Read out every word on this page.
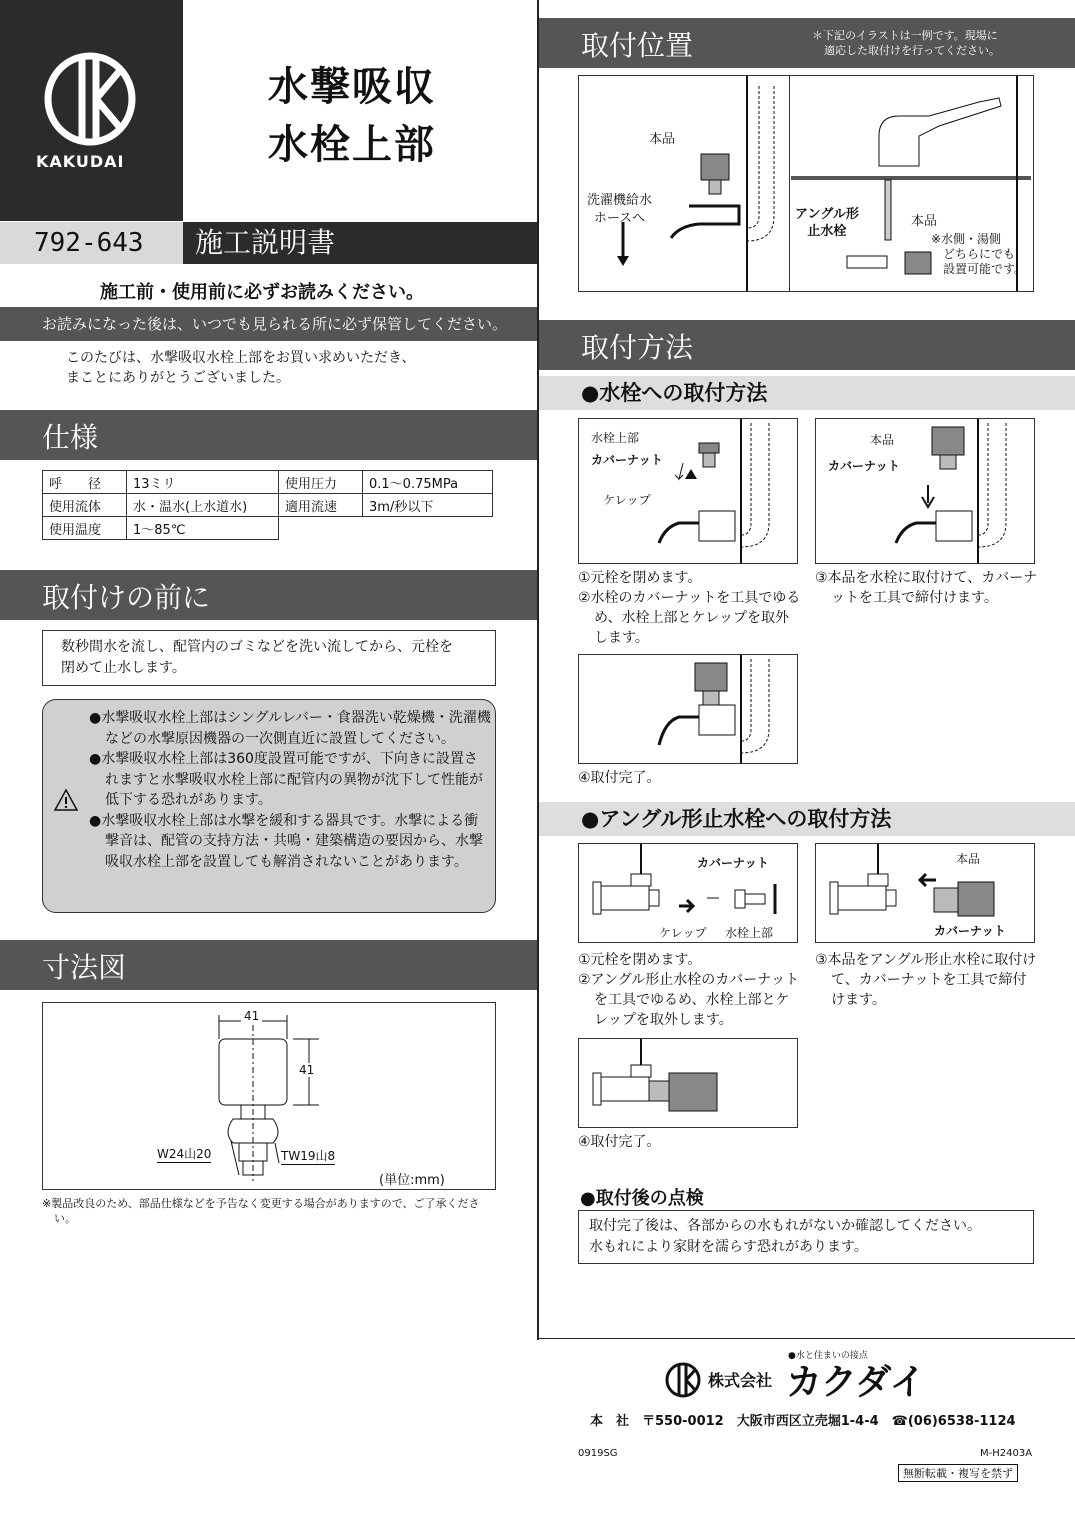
KAKUDAI
水撃吸収
水栓上部
792-643	施工説明書
施工前・使用前に必ずお読みください。
お読みになった後は、いつでも見られる所に必ず保管してください。
このたびは、水撃吸収水栓上部をお買い求めいただき、
まことにありがとうございました。
仕様
呼　　径	13ミリ	使用圧力	0.1〜0.75MPa
使用流体	水・温水(上水道水)	適用流速	3m/秒以下
使用温度	1〜85℃		
取付けの前に
数秒間水を流し、配管内のゴミなどを洗い流してから、元栓を
閉めて止水します。
●水撃吸収水栓上部はシングルレバー・食器洗い乾燥機・洗濯機などの水撃原因機器の一次側直近に設置してください。
●水撃吸収水栓上部は360度設置可能ですが、下向きに設置されますと水撃吸収水栓上部に配管内の異物が沈下して性能が低下する恐れがあります。
●水撃吸収水栓上部は水撃を緩和する器具です。水撃による衝撃音は、配管の支持方法・共鳴・建築構造の要因から、水撃吸収水栓上部を設置しても解消されないことがあります。
寸法図
41
41
W24山20	TW19山8
(単位:mm)
※製品改良のため、部品仕様などを予告なく変更する場合がありますので、ご了承ください。
取付位置	＊下記のイラストは一例です。現場に
適応した取付けを行ってください。
本品
洗濯機給水
ホースへ	アングル形
止水栓
本品
※水側・湯側
どちらにでも
設置可能です。
取付方法
●水栓への取付方法
水栓上部
カバーナット
ケレップ
本品
カバーナット
①元栓を閉めます。
②水栓のカバーナットを工具でゆるめ、水栓上部とケレップを取外します。
③本品を水栓に取付けて、カバーナットを工具で締付けます。
④取付完了。
●アングル形止水栓への取付方法
カバーナット
ケレップ 水栓上部
本品
カバーナット
①元栓を閉めます。
②アングル形止水栓のカバーナットを工具でゆるめ、水栓上部とケレップを取外します。
③本品をアングル形止水栓に取付けて、カバーナットを工具で締付けます。
④取付完了。
●取付後の点検
取付完了後は、各部からの水もれがないか確認してください。
水もれにより家財を濡らす恐れがあります。
●水と住まいの接点
株式会社 カクダイ
本　社　〒550-0012　大阪市西区立売堀1-4-4　☎(06)6538-1124
0919SG	M-H2403A
無断転載・複写を禁ず
